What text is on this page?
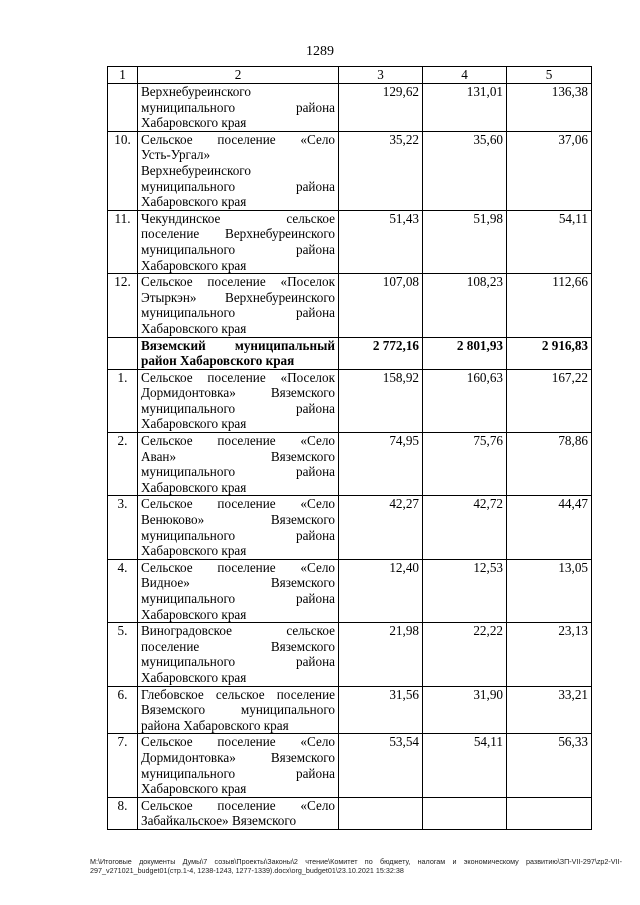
1289
1	2	3	4	5

	Верхнебуреинского
муниципального района
Хабаровского края	129,62	131,01	136,38
10.	Сельское поселение «Село
Усть-Ургал»
Верхнебуреинского
муниципального района
Хабаровского края	35,22	35,60	37,06
11.	Чекундинское сельское
поселение Верхнебуреинского
муниципального района
Хабаровского края	51,43	51,98	54,11
12.	Сельское поселение «Поселок
Этыркэн» Верхнебуреинского
муниципального района
Хабаровского края	107,08	108,23	112,66

	Вяземский муниципальный
район Хабаровского края	2 772,16	2 801,93	2 916,83
1.	Сельское поселение «Поселок
Дормидонтовка» Вяземского
муниципального района
Хабаровского края	158,92	160,63	167,22
2.	Сельское поселение «Село
Аван» Вяземского
муниципального района
Хабаровского края	74,95	75,76	78,86
3.	Сельское поселение «Село
Венюково» Вяземского
муниципального района
Хабаровского края	42,27	42,72	44,47
4.	Сельское поселение «Село
Видное» Вяземского
муниципального района
Хабаровского края	12,40	12,53	13,05
5.	Виноградовское сельское
поселение Вяземского
муниципального района
Хабаровского края	21,98	22,22	23,13
6.	Глебовское сельское поселение
Вяземского муниципального
района Хабаровского края	31,56	31,90	33,21
7.	Сельское поселение «Село
Дормидонтовка» Вяземского
муниципального района
Хабаровского края	53,54	54,11	56,33
8.	Сельское поселение «Село
Забайкальское» Вяземского			

M:\Итоговые документы Думы\7 созыв\Проекты\Законы\2 чтение\Комитет по бюджету, налогам и экономическому развитию\ЗП-VII-297\zp2-VII-297_v271021_budget01(стр.1-4, 1238-1243, 1277-1339).docx\org_budget01\23.10.2021 15:32:38
